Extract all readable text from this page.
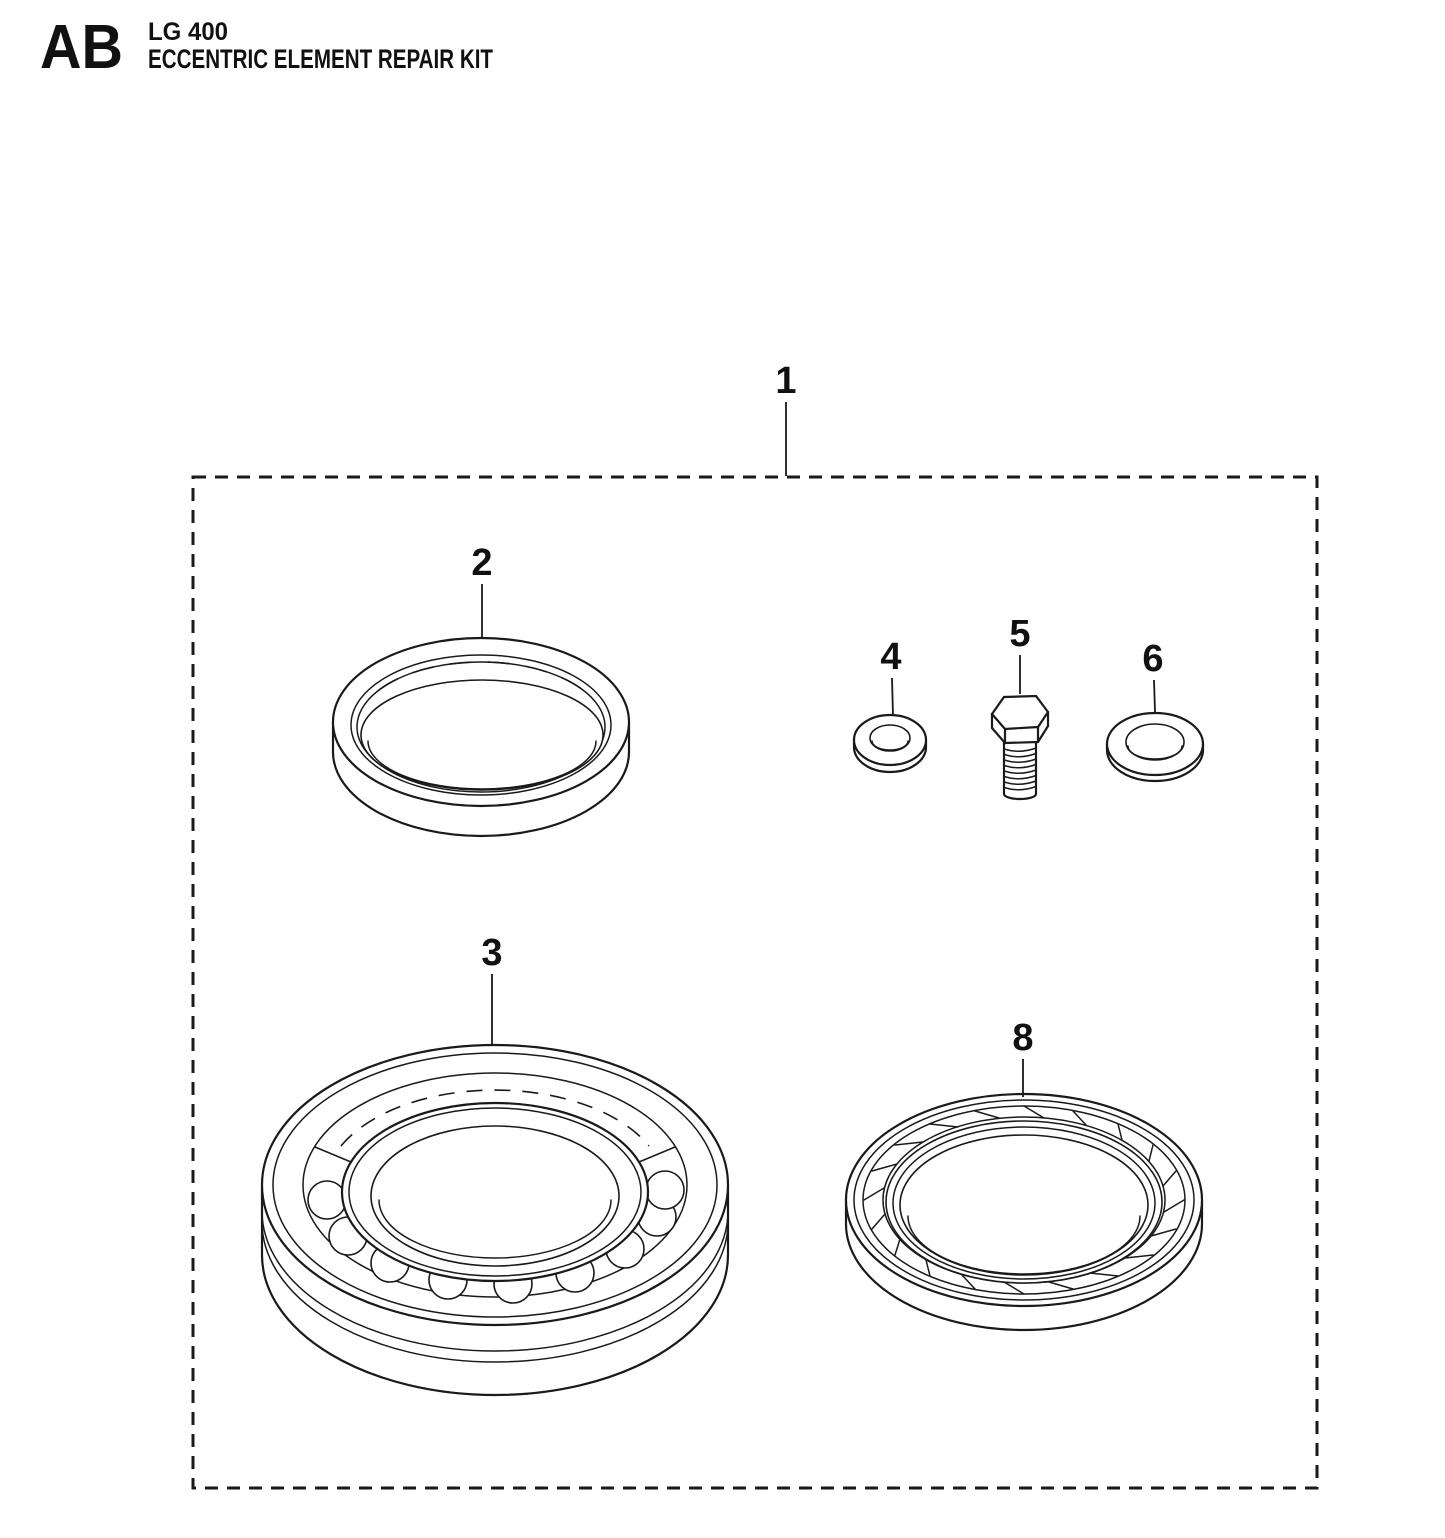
AB LG 400
ECCENTRIC ELEMENT REPAIR KIT
1
2
4
5
6
3
8
